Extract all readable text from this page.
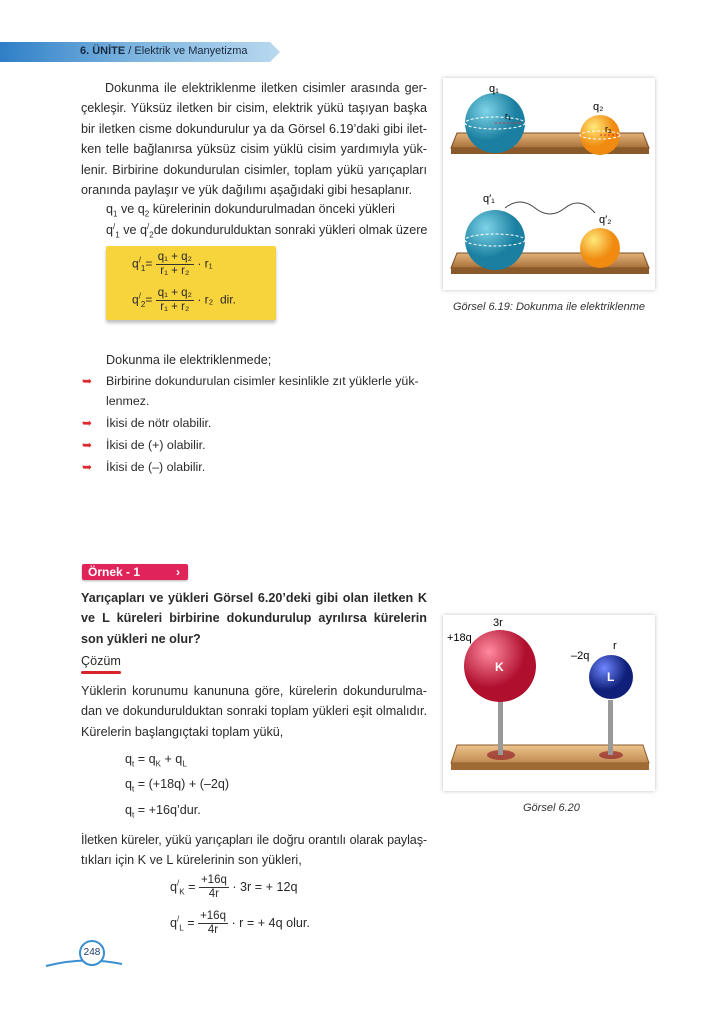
6. ÜNİTE / Elektrik ve Manyetizma
Dokunma ile elektriklenme iletken cisimler arasında ger-
çekleşir. Yüksüz iletken bir cisim, elektrik yükü taşıyan başka
bir iletken cisme dokundurulur ya da Görsel 6.19’daki gibi ilet-
ken telle bağlanırsa yüksüz cisim yüklü cisim yardımıyla yük-
lenir. Birbirine dokundurulan cisimler, toplam yükü yarıçapları
oranında paylaşır ve yük dağılımı aşağıdaki gibi hesaplanır.
$q_1$ ve $q_2$ kürelerinin dokundurulmadan önceki yükleri
$q^/_1$ ve $q^/_2de$ dokundurulduktan sonraki yükleri olmak üzere
$q^/_1= \frac{\text{q₁ + q₂}}{\text{r₁ + r₂}} \cdot r_1$
$q^/_2= \frac{\text{q₁ + q₂}}{\text{r₁ + r₂}} \cdot r_2$ dir.
q₁
q₂
r₁
r₂
q′₁
q′₂
Görsel 6.19: Dokunma ile elektriklenme
Dokunma ile elektriklenmede;
➥ Birbirine dokundurulan cisimler kesinlikle zıt yüklerle yük-
lenmez.
➥ İkisi de nötr olabilir.
➥ İkisi de (+) olabilir.
➥ İkisi de (–) olabilir.
Örnek - 1	›
Yarıçapları ve yükleri Görsel 6.20’deki gibi olan iletken K
ve L küreleri birbirine dokundurulup ayrılırsa kürelerin
son yükleri ne olur?
Çözüm
Yüklerin korunumu kanununa göre, kürelerin dokundurulma-
dan ve dokundurulduktan sonraki toplam yükleri eşit olmalıdır.
Kürelerin başlangıçtaki toplam yükü,
$q_t = q_K + q_L$
$q_t = (+18q) + (-2q)$
$q_t$ = +16q’dur.
İletken küreler, yükü yarıçapları ile doğru orantılı olarak paylaş-
tıkları için K ve L kürelerinin son yükleri,
$q^/_K = \frac{+16q}{4r} \cdot 3r$ = + 12q
$q^/_L = \frac{+16q}{4r} \cdot r$ = + 4q olur.
K
L
+18q
–2q
3r
r
Görsel 6.20
248
